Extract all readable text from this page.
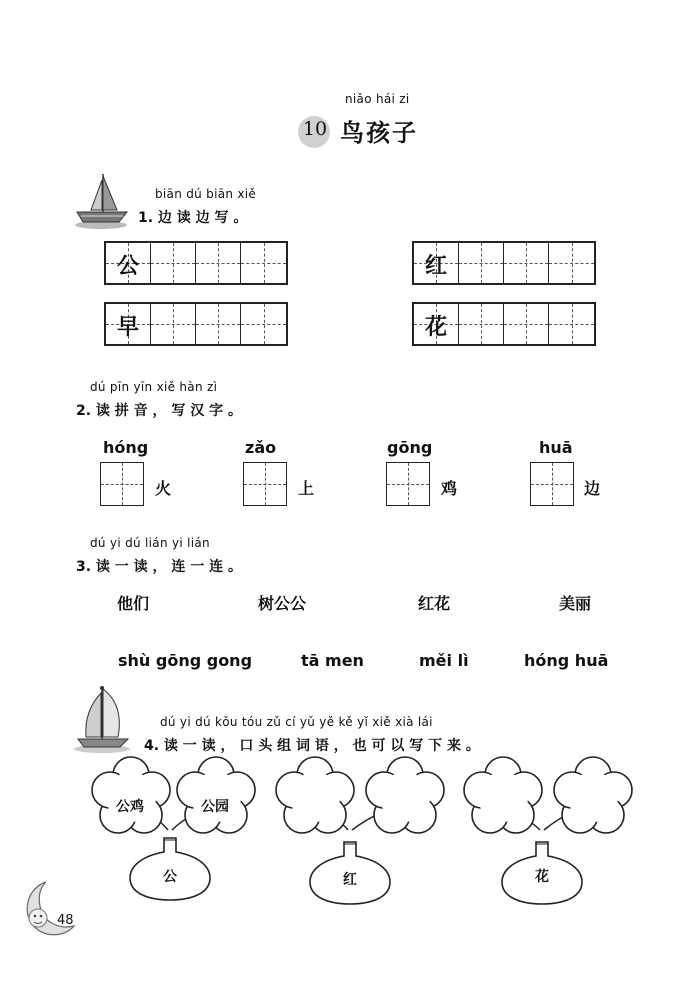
niǎo hái zi
10 鸟孩子
biān dú biān xiě
1. 边 读 边 写 。
公	红
早	花
dú pīn yīn xiě hàn zì
2. 读 拼 音 ， 写 汉 字 。
hóng
火
zǎo
上
gōng
鸡
huā
边
dú yi dú lián yi lián
3. 读 一 读 ， 连 一 连 。
他们	树公公	红花	美丽
shù gōng gong	tā men	měi lì	hóng huā
dú yi dú kǒu tóu zǔ cí yǔ yě kě yǐ xiě xià lái
4. 读 一 读 ， 口 头 组 词 语 ， 也 可 以 写 下 来 。
公鸡	公园
公	红	花
48
